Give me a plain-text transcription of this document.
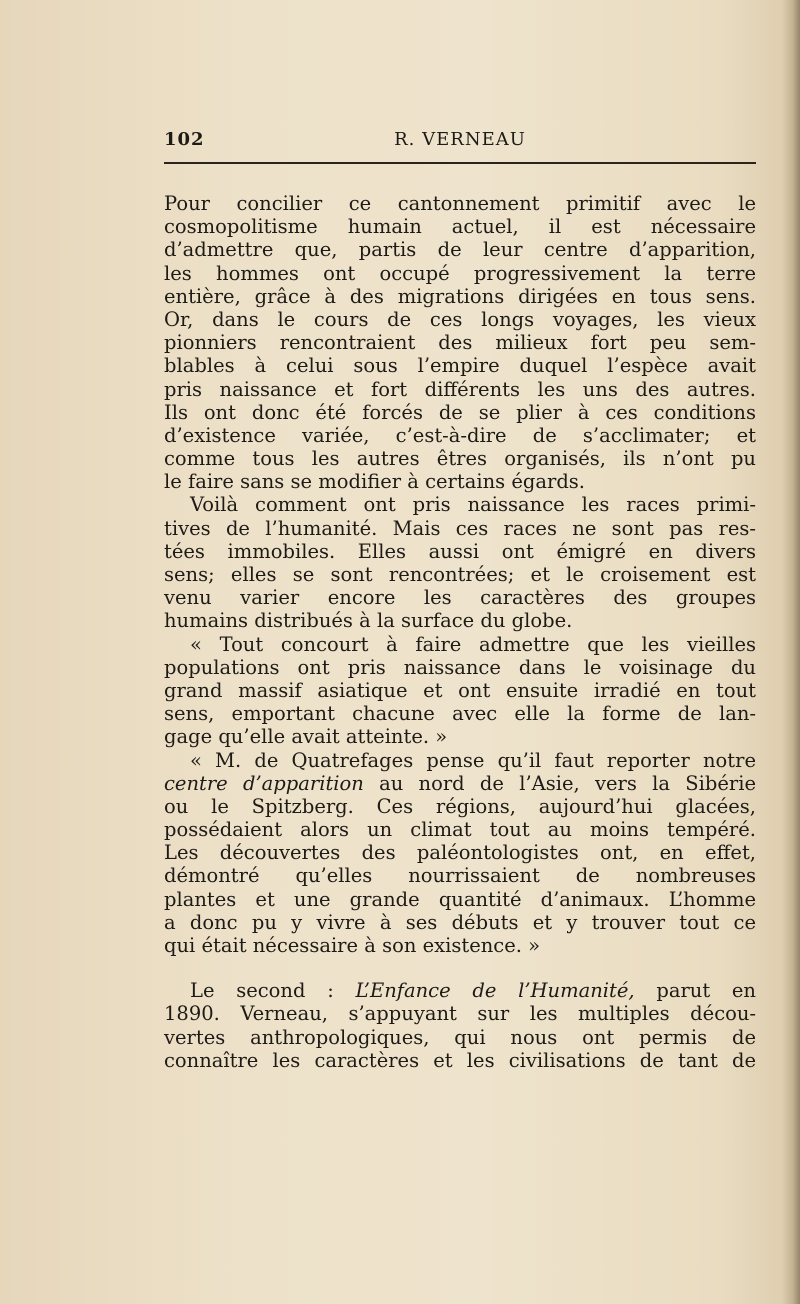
102	R. VERNEAU
Pour concilier ce cantonnement primitif avec le
cosmopolitisme humain actuel, il est nécessaire
d’admettre que, partis de leur centre d’apparition,
les hommes ont occupé progressivement la terre
entière, grâce à des migrations dirigées en tous sens.
Or, dans le cours de ces longs voyages, les vieux
pionniers rencontraient des milieux fort peu sem-
blables à celui sous l’empire duquel l’espèce avait
pris naissance et fort différents les uns des autres.
Ils ont donc été forcés de se plier à ces conditions
d’existence variée, c’est-à-dire de s’acclimater; et
comme tous les autres êtres organisés, ils n’ont pu
le faire sans se modifier à certains égards.
Voilà comment ont pris naissance les races primi-
tives de l’humanité. Mais ces races ne sont pas res-
tées immobiles. Elles aussi ont émigré en divers
sens; elles se sont rencontrées; et le croisement est
venu varier encore les caractères des groupes
humains distribués à la surface du globe.
« Tout concourt à faire admettre que les vieilles
populations ont pris naissance dans le voisinage du
grand massif asiatique et ont ensuite irradié en tout
sens, emportant chacune avec elle la forme de lan-
gage qu’elle avait atteinte. »
« M. de Quatrefages pense qu’il faut reporter notre
centre d’apparition au nord de l’Asie, vers la Sibérie
ou le Spitzberg. Ces régions, aujourd’hui glacées,
possédaient alors un climat tout au moins tempéré.
Les découvertes des paléontologistes ont, en effet,
démontré qu’elles nourrissaient de nombreuses
plantes et une grande quantité d’animaux. L’homme
a donc pu y vivre à ses débuts et y trouver tout ce
qui était nécessaire à son existence. »
Le second : L’Enfance de l’Humanité, parut en
1890. Verneau, s’appuyant sur les multiples décou-
vertes anthropologiques, qui nous ont permis de
connaître les caractères et les civilisations de tant de
